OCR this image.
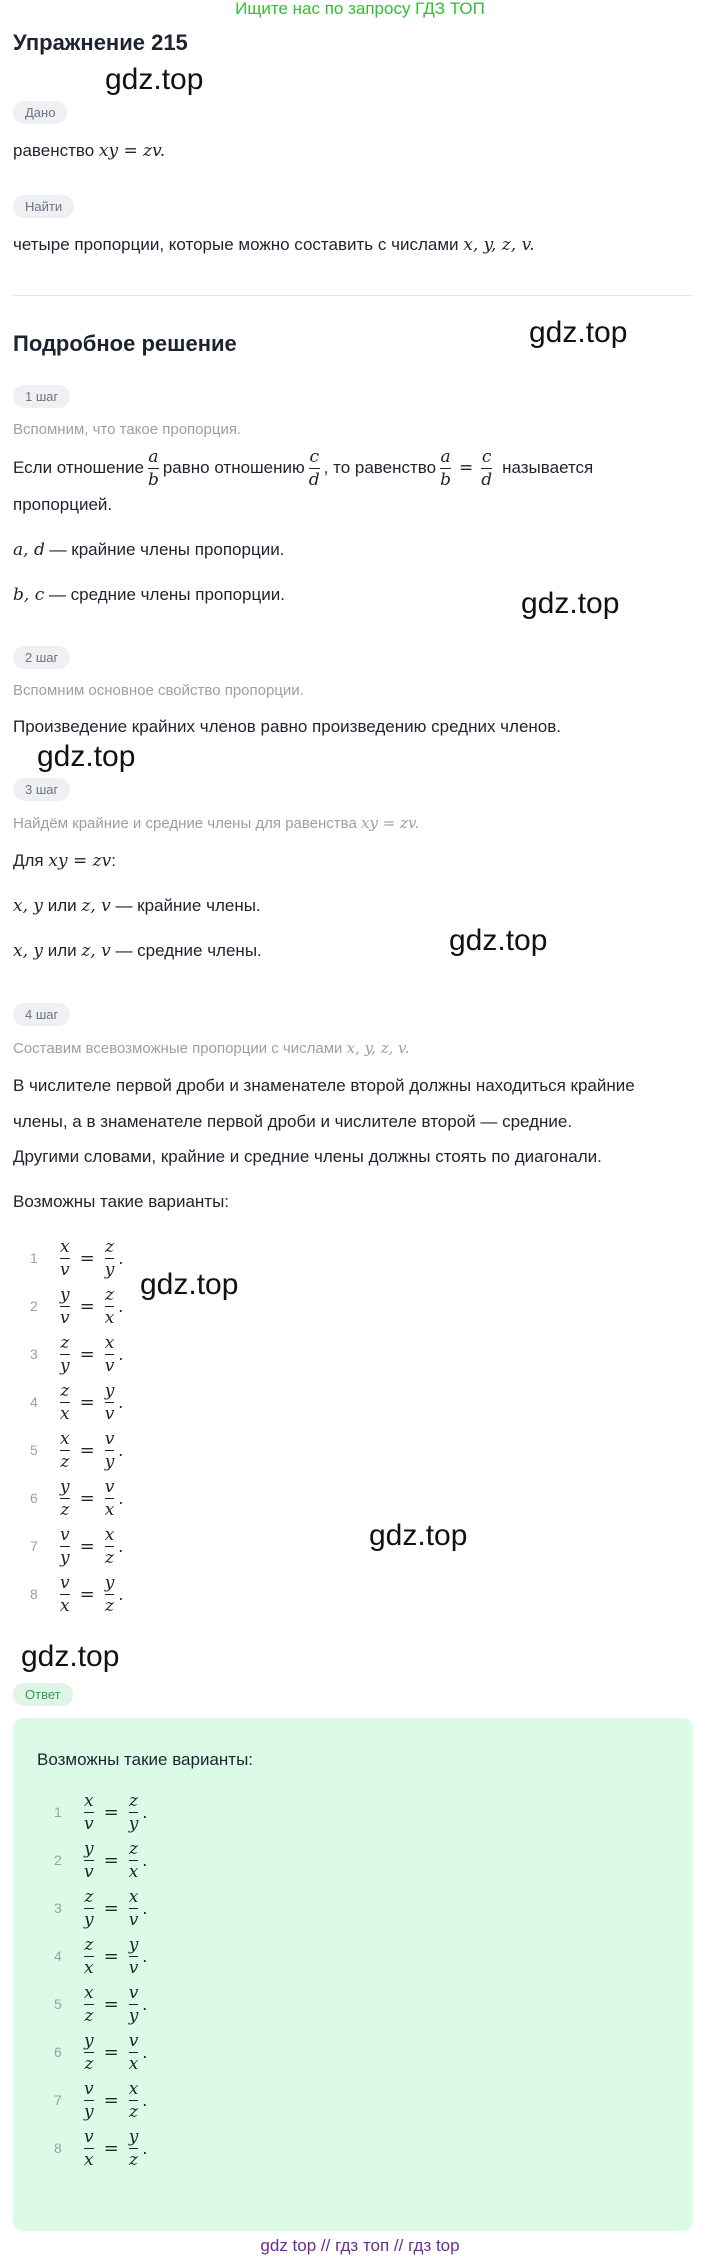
Ищите нас по запросу ГДЗ ТОП
Упражнение 215
gdz.top
gdz.top
gdz.top
gdz.top
gdz.top
gdz.top
gdz.top
gdz.top
Дано
равенство xy = zv.
Найти
четыре пропорции, которые можно составить с числами x, y, z, v.
Подробное решение
1 шаг
Вспомним, что такое пропорция.
Если отношение $\frac{a}{b}$ равно отношению $\frac{c}{d}$ , то равенство $\frac{a}{b} = \frac{c}{d}$ называется
пропорцией.
a, d — крайние члены пропорции.
b, c — средние члены пропорции.
2 шаг
Вспомним основное свойство пропорции.
Произведение крайних членов равно произведению средних членов.
3 шаг
Найдём крайние и средние члены для равенства xy = zv.
Для xy = zv:
x, y или z, v — крайние члены.
x, y или z, v — средние члены.
4 шаг
Составим всевозможные пропорции с числами x, y, z, v.
В числителе первой дроби и знаменателе второй должны находиться крайние
члены, а в знаменателе первой дроби и числителе второй — средние.
Другими словами, крайние и средние члены должны стоять по диагонали.
Возможны такие варианты:
1	$\frac{x}{v} = \frac{z}{y}$ .
2	$\frac{y}{v} = \frac{z}{x}$ .
3	$\frac{z}{y} = \frac{x}{v}$ .
4	$\frac{z}{x} = \frac{y}{v}$ .
5	$\frac{x}{z} = \frac{v}{y}$ .
6	$\frac{y}{z} = \frac{v}{x}$ .
7	$\frac{v}{y} = \frac{x}{z}$ .
8	$\frac{v}{x} = \frac{y}{z}$ .
Ответ
Возможны такие варианты:
1	$\frac{x}{v} = \frac{z}{y}$ .
2	$\frac{y}{v} = \frac{z}{x}$ .
3	$\frac{z}{y} = \frac{x}{v}$ .
4	$\frac{z}{x} = \frac{y}{v}$ .
5	$\frac{x}{z} = \frac{v}{y}$ .
6	$\frac{y}{z} = \frac{v}{x}$ .
7	$\frac{v}{y} = \frac{x}{z}$ .
8	$\frac{v}{x} = \frac{y}{z}$ .
gdz top // гдз топ // гдз top
